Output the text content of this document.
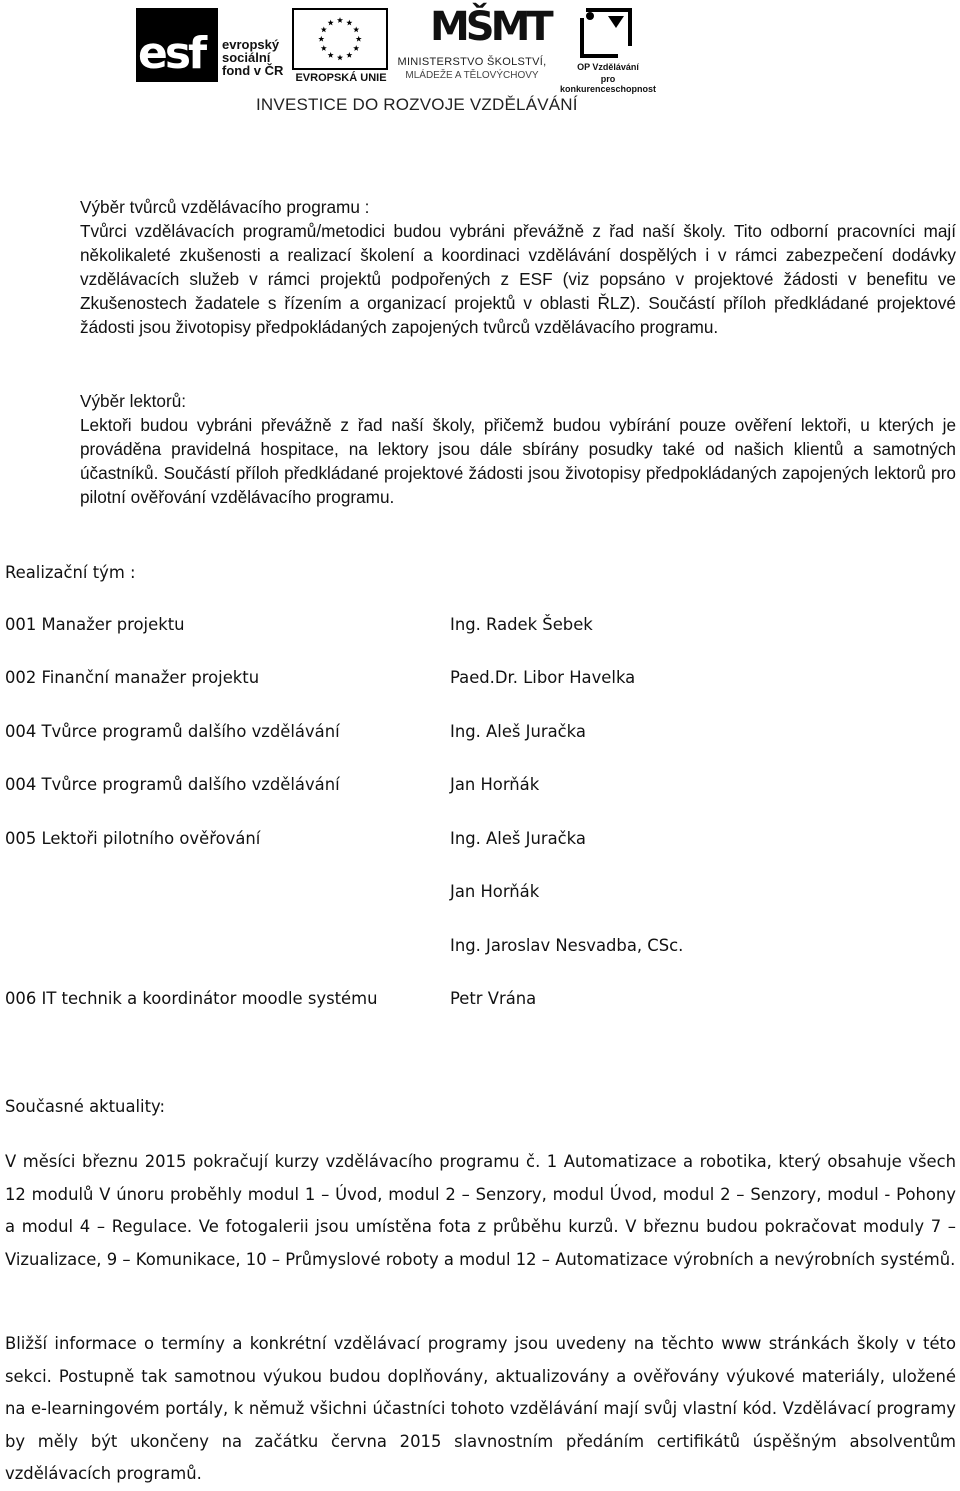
esf evropský
sociální
fond v ČR	EVROPSKÁ UNIE
MŠMT
MINISTERSTVO ŠKOLSTVÍ,
MLÁDEŽE A TĚLOVÝCHOVY
OP Vzdělávání
pro konkurenceschopnost
INVESTICE DO ROZVOJE VZDĚLÁVÁNÍ
Výběr tvůrců vzdělávacího programu :
Tvůrci vzdělávacích programů/metodici budou vybráni převážně z řad naší školy. Tito odborní pracovníci mají několikaleté zkušenosti a realizací školení a koordinaci vzdělávání dospělých i v rámci zabezpečení dodávky vzdělávacích služeb v rámci projektů podpořených z ESF (viz popsáno v projektové žádosti v benefitu ve Zkušenostech žadatele s řízením a organizací projektů v oblasti ŘLZ). Součástí příloh předkládané projektové žádosti jsou životopisy předpokládaných zapojených tvůrců vzdělávacího programu.
Výběr lektorů:
Lektoři budou vybráni převážně z řad naší školy, přičemž budou vybírání pouze ověření lektoři, u kterých je prováděna pravidelná hospitace, na lektory jsou dále sbírány posudky také od našich klientů a samotných účastníků. Součástí příloh předkládané projektové žádosti jsou životopisy předpokládaných zapojených lektorů pro pilotní ověřování vzdělávacího programu.
Realizační tým :
001 Manažer projektu
002 Finanční manažer projektu
004 Tvůrce programů dalšího vzdělávání
004 Tvůrce programů dalšího vzdělávání
005 Lektoři pilotního ověřování
006 IT technik a koordinátor moodle systému
Ing. Radek Šebek
Paed.Dr. Libor Havelka
Ing. Aleš Juračka
Jan Horňák
Ing. Aleš Juračka
Jan Horňák
Ing. Jaroslav Nesvadba, CSc.
Petr Vrána
Současné aktuality:
V měsíci březnu 2015 pokračují kurzy vzdělávacího programu č. 1 Automatizace a robotika, který obsahuje všech 12 modulů V únoru proběhly modul 1 – Úvod, modul 2 – Senzory, modul Úvod, modul 2 – Senzory, modul - Pohony a modul 4 – Regulace. Ve fotogalerii jsou umístěna fota z průběhu kurzů. V březnu budou pokračovat moduly 7 – Vizualizace, 9 – Komunikace, 10 – Průmyslové roboty a modul 12 – Automatizace výrobních a nevýrobních systémů.
Bližší informace o termíny a konkrétní vzdělávací programy jsou uvedeny na těchto www stránkách školy v této sekci. Postupně tak samotnou výukou budou doplňovány, aktualizovány a ověřovány výukové materiály, uložené na e-learningovém portály, k němuž všichni účastníci tohoto vzdělávání mají svůj vlastní kód. Vzdělávací programy by měly být ukončeny na začátku června 2015 slavnostním předáním certifikátů úspěšným absolventům vzdělávacích programů.
